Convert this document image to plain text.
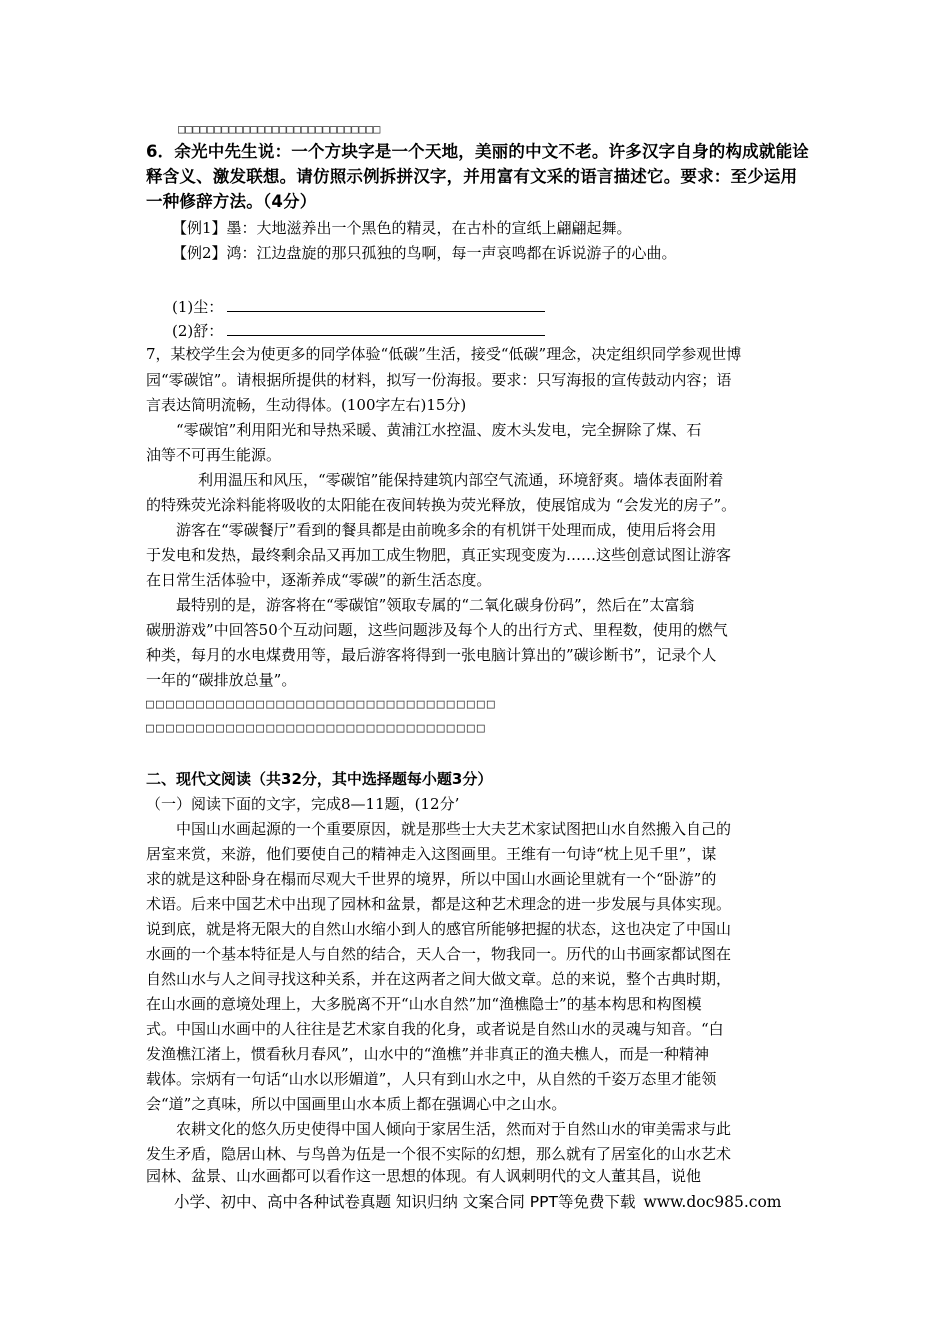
□□□□□□□□□□□□□□□□□□□□□□□□□□□□
6．余光中先生说：一个方块字是一个天地，美丽的中文不老。许多汉字自身的构成就能诠
释含义、激发联想。请仿照示例拆拼汉字，并用富有文采的语言描述它。要求：至少运用
一种修辞方法。（4分）
【例1】墨：大地滋养出一个黑色的精灵，在古朴的宣纸上翩翩起舞。
【例2】鸿：江边盘旋的那只孤独的鸟啊，每一声哀鸣都在诉说游子的心曲。
(1)尘：
(2)舒：
7，某校学生会为使更多的同学体验“低碳”生活，接受“低碳”理念，决定组织同学参观世博
园“零碳馆”。请根据所提供的材料，拟写一份海报。要求：只写海报的宣传鼓动内容；语
言表达简明流畅，生动得体。(100字左右)15分)
“零碳馆”利用阳光和导热采暖、黄浦江水控温、废木头发电，完全摒除了煤、石
油等不可再生能源。
利用温压和风压，“零碳馆”能保持建筑内部空气流通，环境舒爽。墙体表面附着
的特殊荧光涂料能将吸收的太阳能在夜间转换为荧光释放，使展馆成为 “会发光的房子”。
游客在“零碳餐厅”看到的餐具都是由前晚多余的有机饼干处理而成，使用后将会用
于发电和发热，最终剩余品又再加工成生物肥，真正实现变废为……这些创意试图让游客
在日常生活体验中，逐渐养成“零碳”的新生活态度。
最特别的是，游客将在“零碳馆”领取专属的“二氧化碳身份码”，然后在”太富翁
碳册游戏”中回答50个互动问题，这些问题涉及每个人的出行方式、里程数，使用的燃气
种类，每月的水电煤费用等，最后游客将得到一张电脑计算出的”碳诊断书”，记录个人
一年的“碳排放总量”。
□□□□□□□□□□□□□□□□□□□□□□□□□□□□□□□□□□□
□□□□□□□□□□□□□□□□□□□□□□□□□□□□□□□□□□
二、现代文阅读（共32分，其中选择题每小题3分）
（一）阅读下面的文字，完成8—11题，(12分’
中国山水画起源的一个重要原因，就是那些士大夫艺术家试图把山水自然搬入自己的
居室来赏，来游，他们要使自己的精神走入这图画里。王维有一句诗“枕上见千里”，谋
求的就是这种卧身在榻而尽观大千世界的境界，所以中国山水画论里就有一个“卧游”的
术语。后来中国艺术中出现了园林和盆景，都是这种艺术理念的进一步发展与具体实现。
说到底，就是将无限大的自然山水缩小到人的感官所能够把握的状态，这也决定了中国山
水画的一个基本特征是人与自然的结合，天人合一，物我同一。历代的山书画家都试图在
自然山水与人之间寻找这种关系，并在这两者之间大做文章。总的来说，整个古典时期，
在山水画的意境处理上，大多脱离不开“山水自然”加“渔樵隐士”的基本构思和构图模
式。中国山水画中的人往往是艺术家自我的化身，或者说是自然山水的灵魂与知音。“白
发渔樵江渚上，惯看秋月春风”，山水中的“渔樵”并非真正的渔夫樵人，而是一种精神
载体。宗炳有一句话“山水以形媚道”，人只有到山水之中，从自然的千姿万态里才能领
会“道”之真味，所以中国画里山水本质上都在强调心中之山水。
农耕文化的悠久历史使得中国人倾向于家居生活，然而对于自然山水的审美需求与此
发生矛盾，隐居山林、与鸟兽为伍是一个很不实际的幻想，那么就有了居室化的山水艺术
小学、初中、高中各种试卷真题 知识归纳 文案合同 PPT等免费下载 www.doc985.com
园林、盆景、山水画都可以看作这一思想的体现。有人讽刺明代的文人董其昌，说他
